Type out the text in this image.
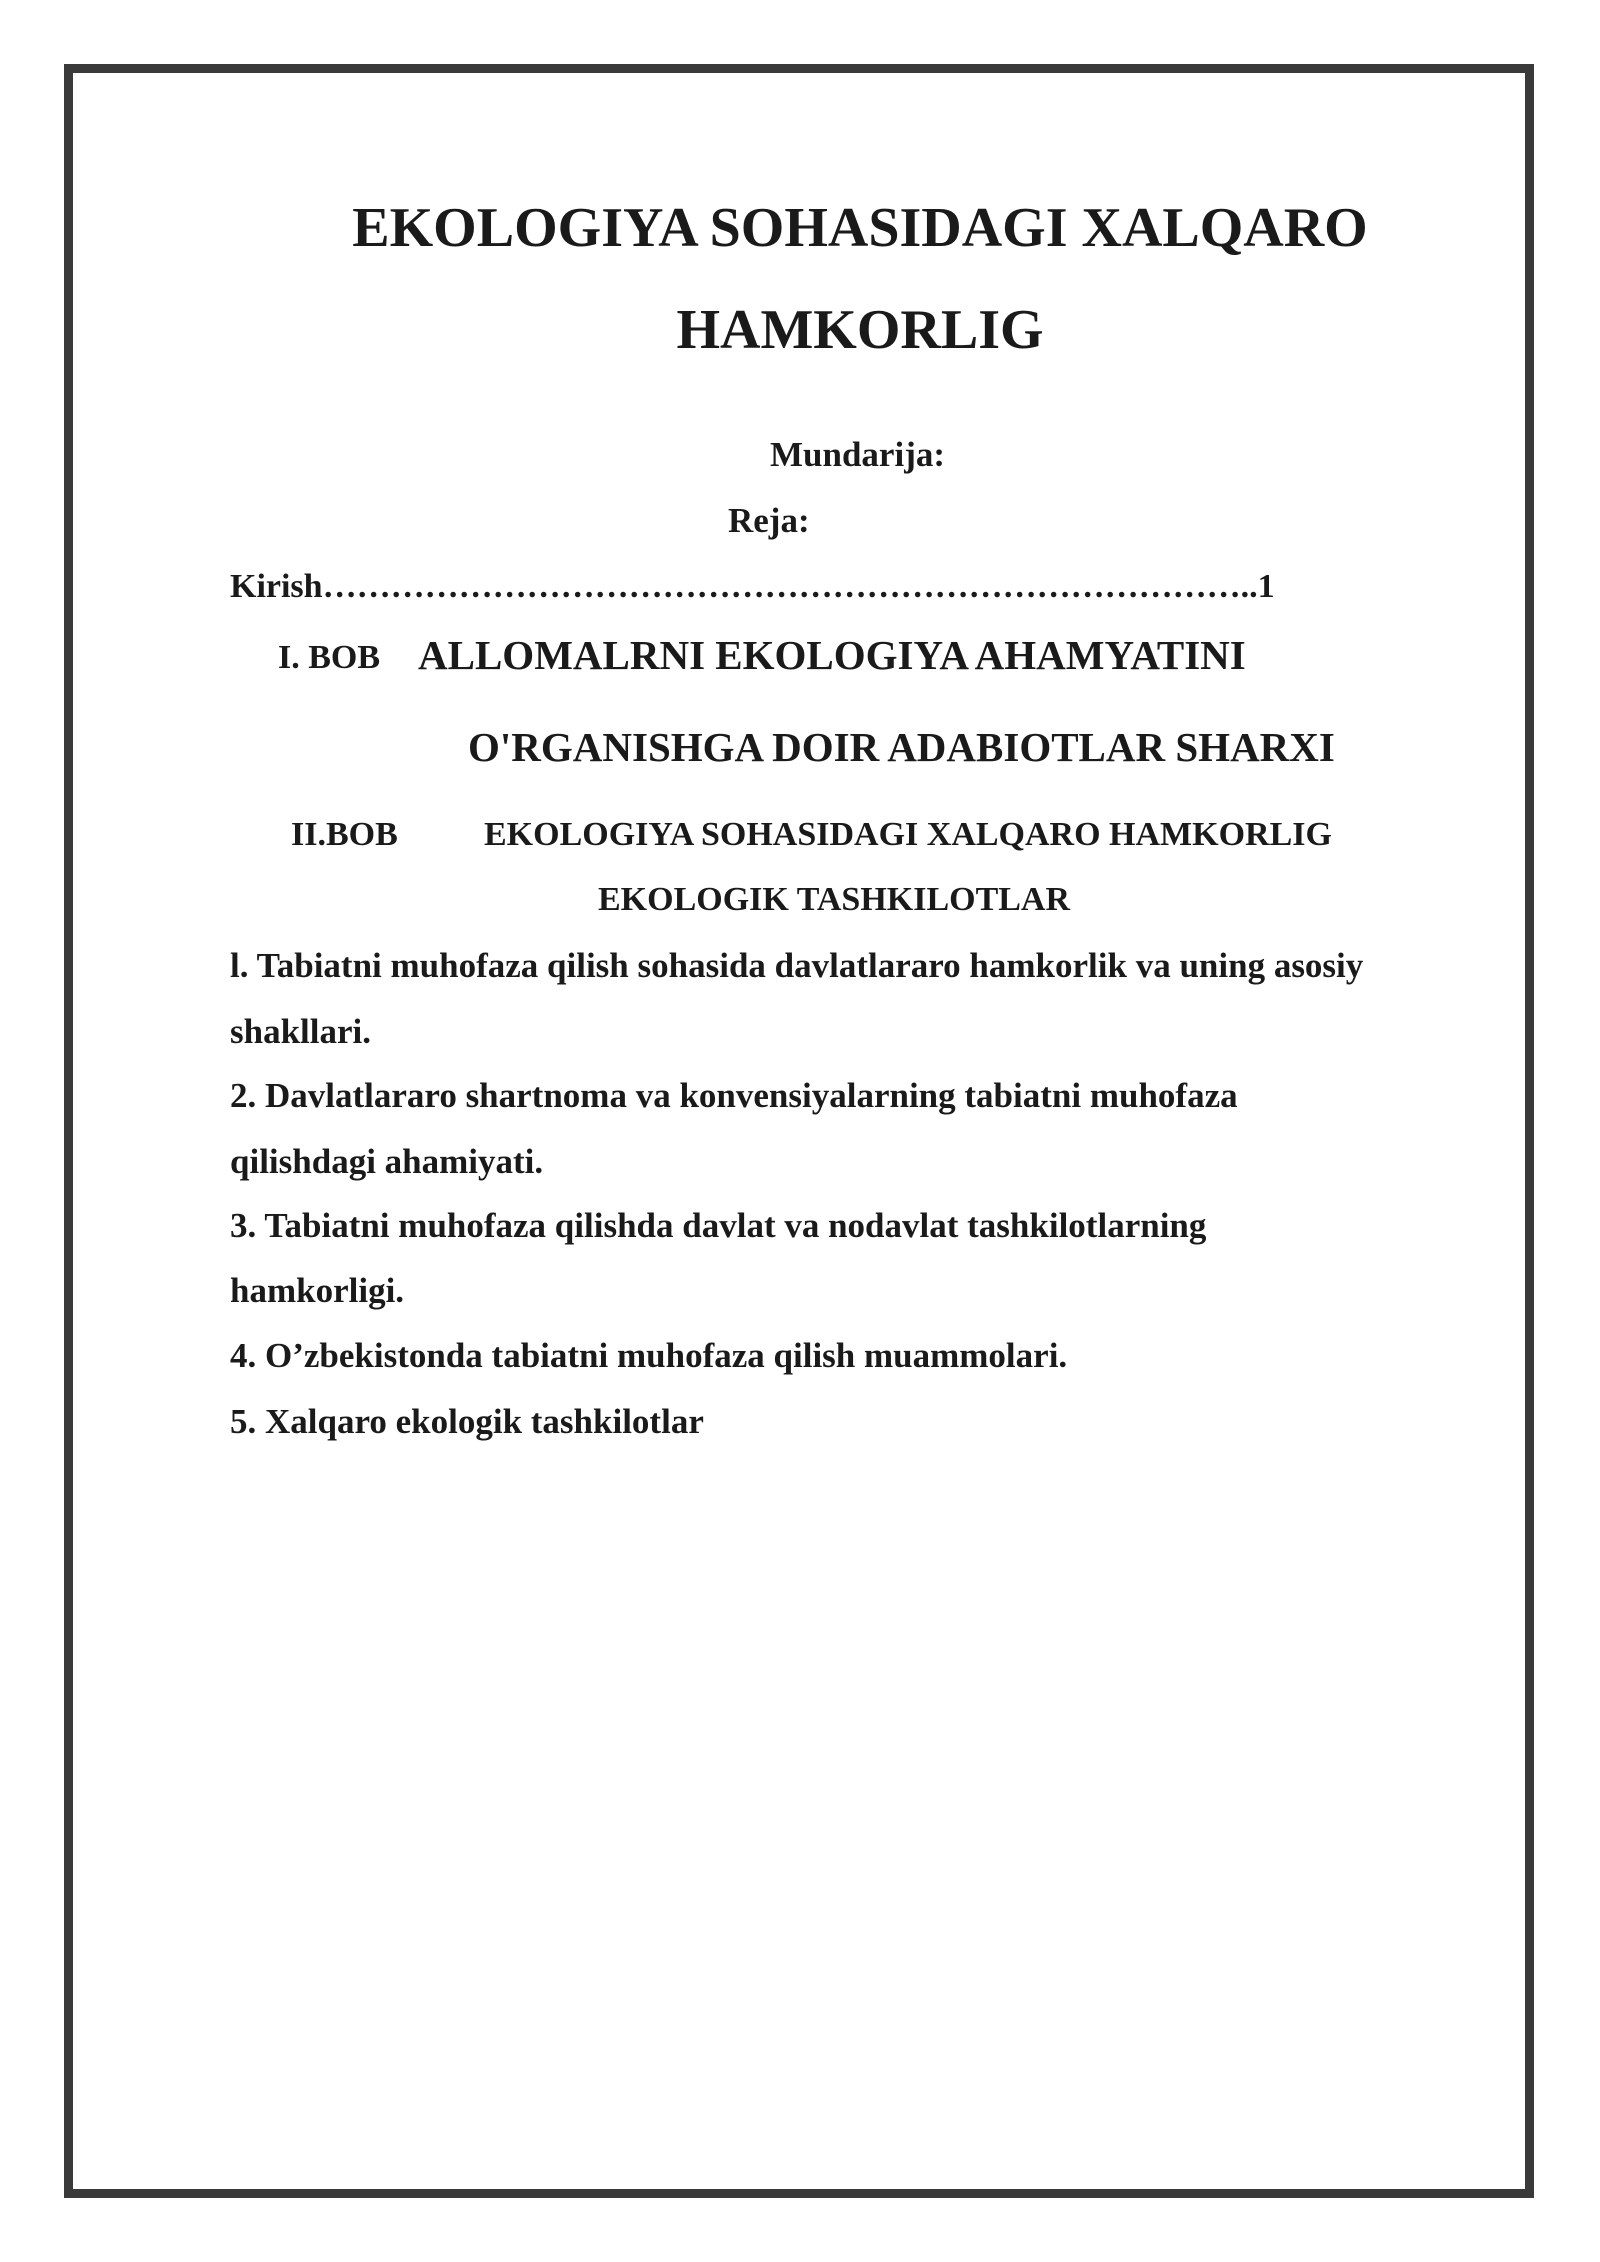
EKOLOGIYA SOHASIDAGI XALQARO
HAMKORLIG
Mundarija:
Reja:
Kirish………………………………………………………………………..1
I. BOB ALLOMALRNI EKOLOGIYA AHAMYATINI
O'RGANISHGA DOIR ADABIOTLAR SHARXI
II.BOB	EKOLOGIYA SOHASIDAGI XALQARO HAMKORLIG
EKOLOGIK TASHKILOTLAR
l. Tabiatni muhofaza qilish sohasida davlatlararo hamkorlik va uning asosiy
shakllari.
2. Davlatlararo shartnoma va konvensiyalarning tabiatni muhofaza
qilishdagi ahamiyati.
3. Tabiatni muhofaza qilishda davlat va nodavlat tashkilotlarning
hamkorligi.
4. O’zbekistonda tabiatni muhofaza qilish muammolari.
5. Xalqaro ekologik tashkilotlar
